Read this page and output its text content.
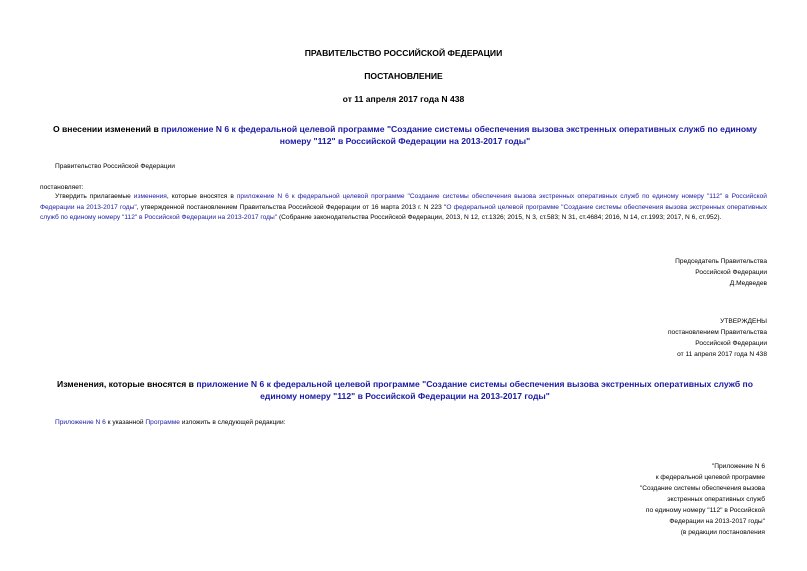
ПРАВИТЕЛЬСТВО РОССИЙСКОЙ ФЕДЕРАЦИИ
ПОСТАНОВЛЕНИЕ
от 11 апреля 2017 года N 438
О внесении изменений в приложение N 6 к федеральной целевой программе "Создание системы обеспечения вызова экстренных оперативных служб по единому номеру "112" в Российской Федерации на 2013-2017 годы"
Правительство Российской Федерации
постановляет:
Утвердить прилагаемые изменения, которые вносятся в приложение N 6 к федеральной целевой программе "Создание системы обеспечения вызова экстренных оперативных служб по единому номеру "112" в Российской Федерации на 2013-2017 годы", утвержденной постановлением Правительства Российской Федерации от 16 марта 2013 г. N 223 "О федеральной целевой программе "Создание системы обеспечения вызова экстренных оперативных служб по единому номеру "112" в Российской Федерации на 2013-2017 годы" (Собрание законодательства Российской Федерации, 2013, N 12, ст.1326; 2015, N 3, ст.583; N 31, ст.4684; 2016, N 14, ст.1993; 2017, N 6, ст.952).
Председатель Правительства
Российской Федерации
Д.Медведев
УТВЕРЖДЕНЫ
постановлением Правительства
Российской Федерации
от 11 апреля 2017 года N 438
Изменения, которые вносятся в приложение N 6 к федеральной целевой программе "Создание системы обеспечения вызова экстренных оперативных служб по единому номеру "112" в Российской Федерации на 2013-2017 годы"
Приложение N 6 к указанной Программе изложить в следующей редакции:
"Приложение N 6
к федеральной целевой программе
"Создание системы обеспечения вызова
экстренных оперативных служб
по единому номеру "112" в Российской
Федерации на 2013-2017 годы"
(в редакции постановления
